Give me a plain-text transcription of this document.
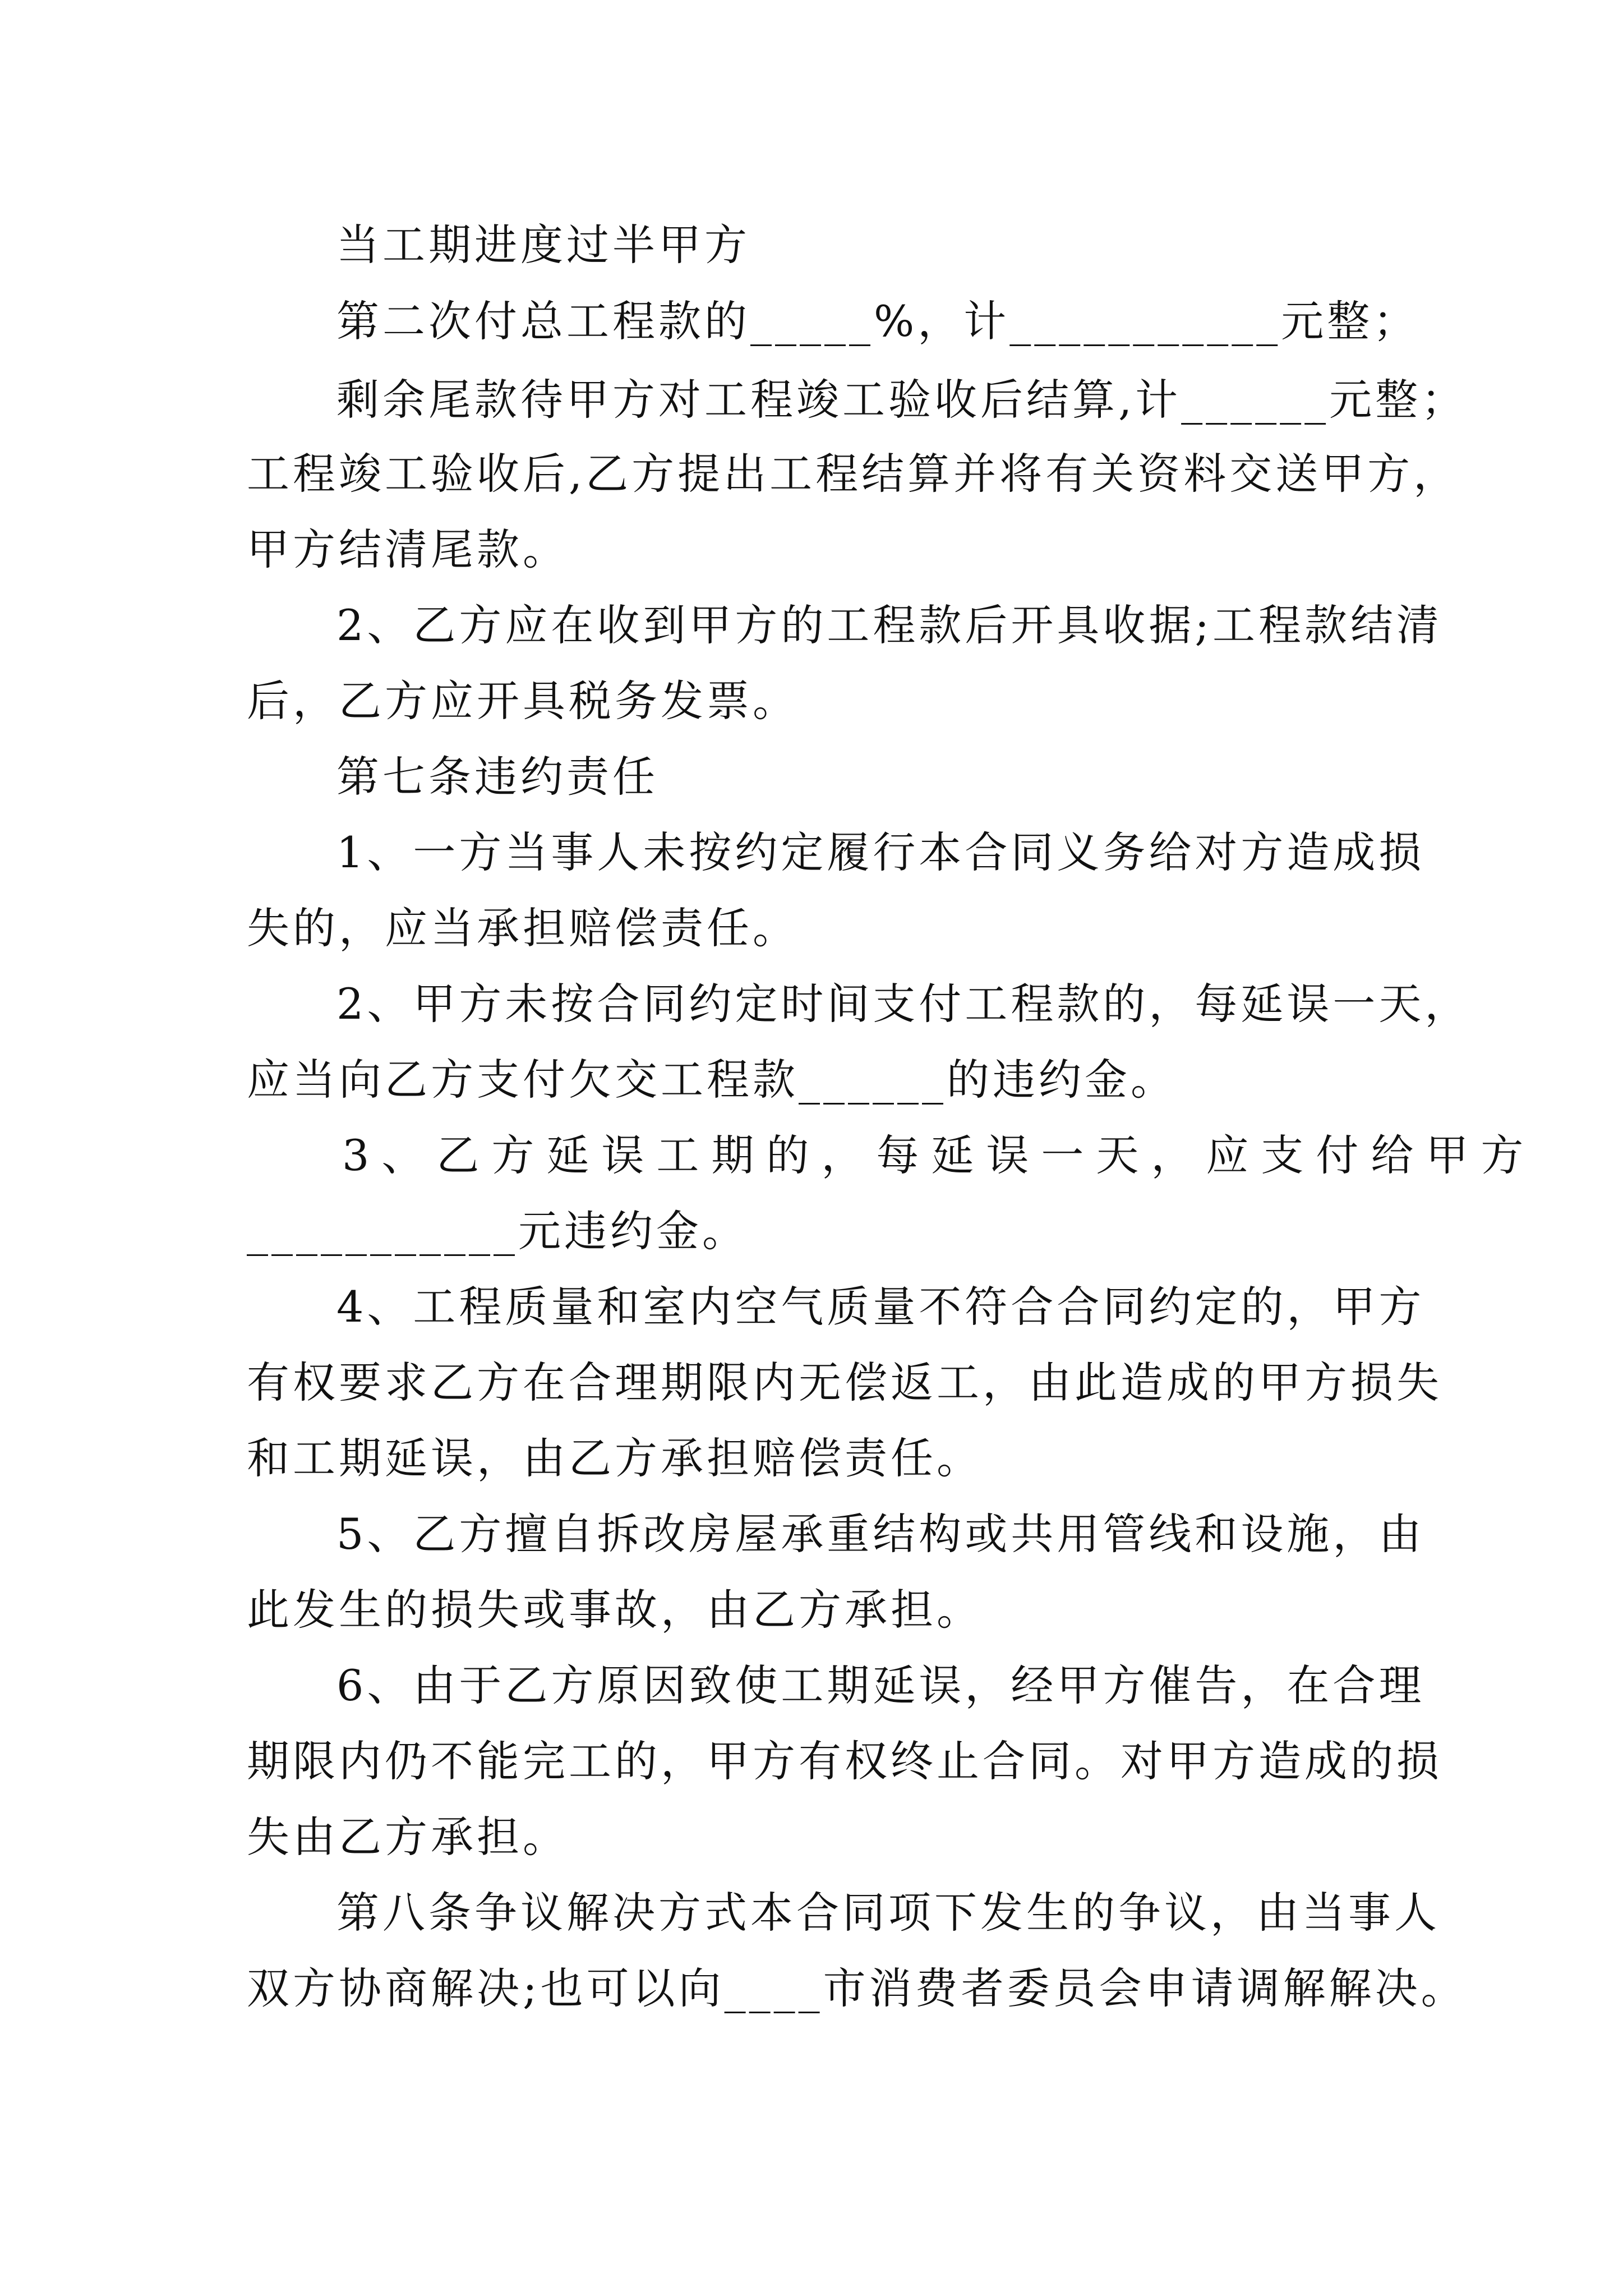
当工期进度过半甲方
第二次付总工程款的_____%，计___________元整；
剩余尾款待甲方对工程竣工验收后结算,计______元整；
工程竣工验收后,乙方提出工程结算并将有关资料交送甲方，
甲方结清尾款。
2、乙方应在收到甲方的工程款后开具收据;工程款结清
后，乙方应开具税务发票。
第七条违约责任
1、一方当事人未按约定履行本合同义务给对方造成损
失的，应当承担赔偿责任。
2、甲方未按合同约定时间支付工程款的，每延误一天，
应当向乙方支付欠交工程款______的违约金。
3、乙方延误工期的，每延误一天，应支付给甲方
___________元违约金。
4、工程质量和室内空气质量不符合合同约定的，甲方
有权要求乙方在合理期限内无偿返工，由此造成的甲方损失
和工期延误，由乙方承担赔偿责任。
5、乙方擅自拆改房屋承重结构或共用管线和设施，由
此发生的损失或事故，由乙方承担。
6、由于乙方原因致使工期延误，经甲方催告，在合理
期限内仍不能完工的，甲方有权终止合同。对甲方造成的损
失由乙方承担。
第八条争议解决方式本合同项下发生的争议，由当事人
双方协商解决;也可以向____市消费者委员会申请调解解决。
